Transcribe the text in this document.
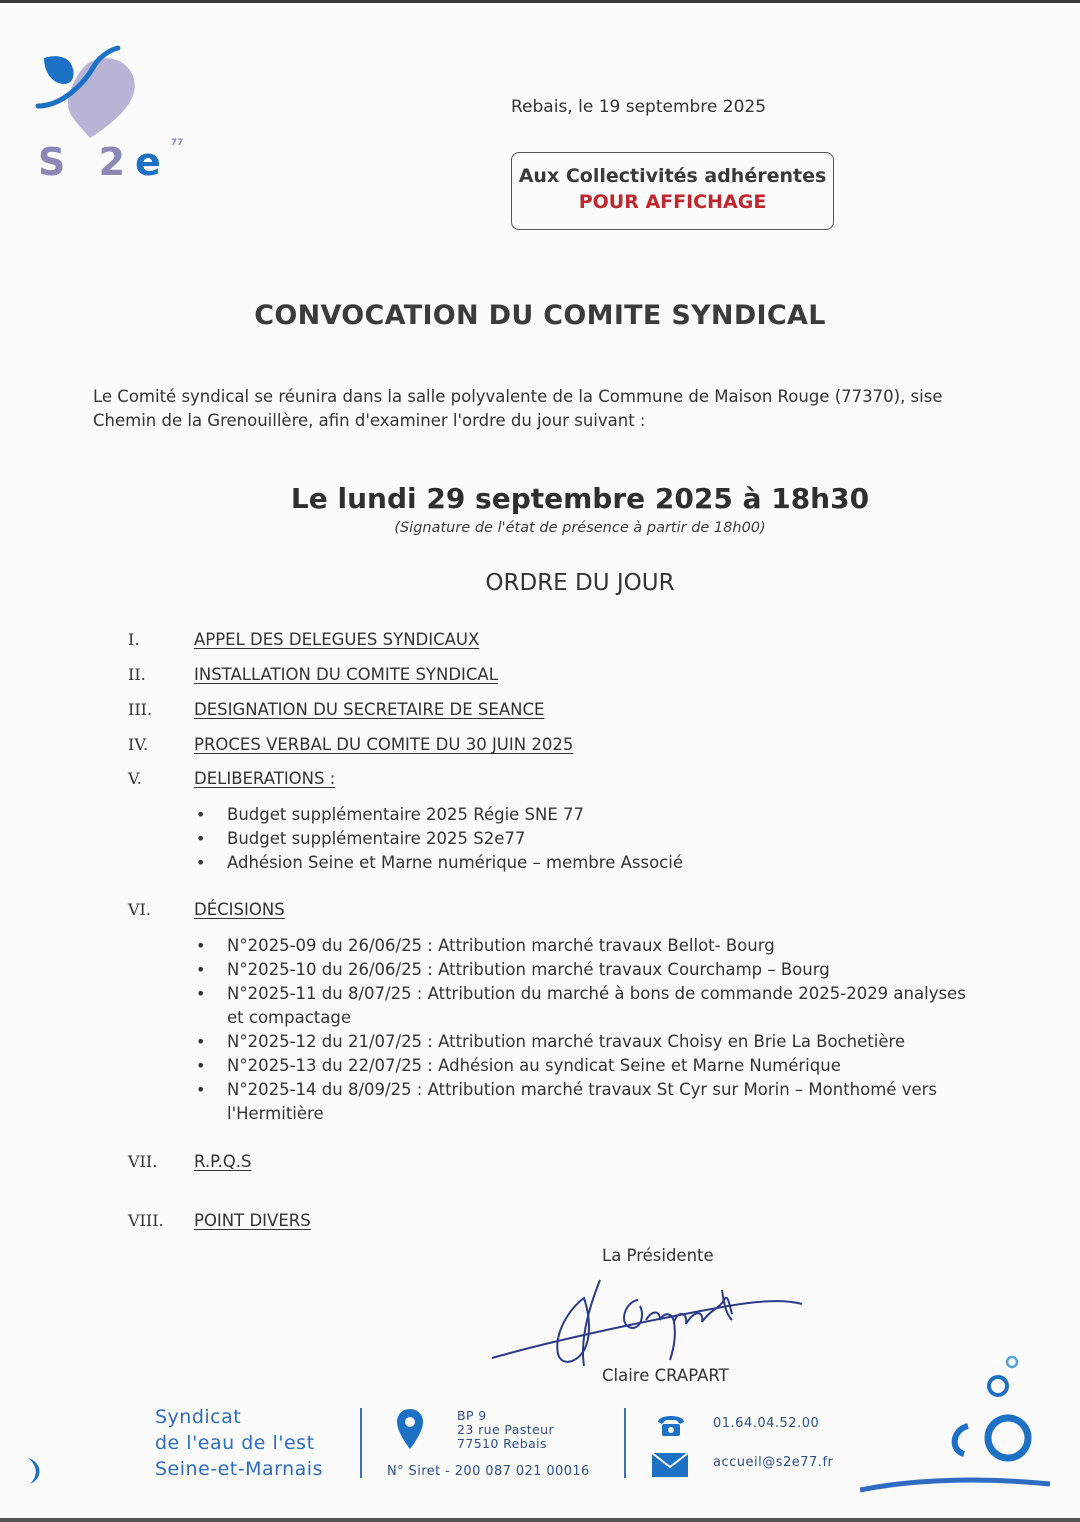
S $2e^{77}$
Rebais, le 19 septembre 2025
Aux Collectivités adhérentes
POUR AFFICHAGE
CONVOCATION DU COMITE SYNDICAL
Le Comité syndical se réunira dans la salle polyvalente de la Commune de Maison Rouge (77370), sise Chemin de la Grenouillère, afin d'examiner l'ordre du jour suivant :
Le lundi 29 septembre 2025 à 18h30
(Signature de l'état de présence à partir de 18h00)
ORDRE DU JOUR
I.	APPEL DES DELEGUES SYNDICAUX
II.	INSTALLATION DU COMITE SYNDICAL
III.	DESIGNATION DU SECRETAIRE DE SEANCE
IV.	PROCES VERBAL DU COMITE DU 30 JUIN 2025
V.	DELIBERATIONS :
• Budget supplémentaire 2025 Régie SNE 77
• Budget supplémentaire 2025 S2e77
• Adhésion Seine et Marne numérique – membre Associé
VI.	DÉCISIONS
• N°2025-09 du 26/06/25 : Attribution marché travaux Bellot- Bourg
• N°2025-10 du 26/06/25 : Attribution marché travaux Courchamp – Bourg
• N°2025-11 du 8/07/25 : Attribution du marché à bons de commande 2025-2029 analyses et compactage
• N°2025-12 du 21/07/25 : Attribution marché travaux Choisy en Brie La Bochetière
• N°2025-13 du 22/07/25 : Adhésion au syndicat Seine et Marne Numérique
• N°2025-14 du 8/09/25 : Attribution marché travaux St Cyr sur Morin – Monthomé vers l'Hermitière
VII. R.P.Q.S
VIII. POINT DIVERS
La Présidente
Claire CRAPART
Syndicat
de l'eau de l'est
Seine-et-Marnais
BP 9
23 rue Pasteur
77510 Rebais
N° Siret - 200 087 021 00016
01.64.04.52.00
accueil@s2e77.fr
